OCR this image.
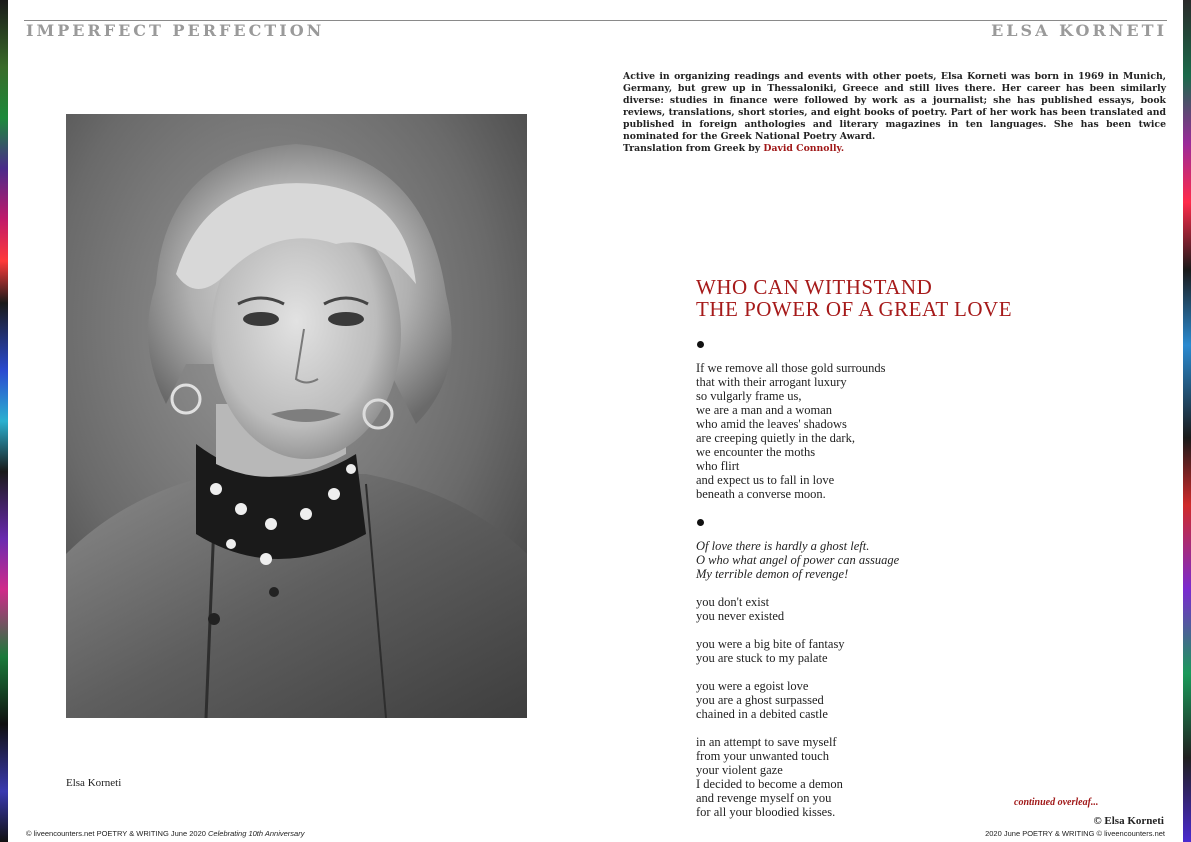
IMPERFECT PERFECTION	ELSA KORNETI
Elsa Korneti

Active in organizing readings and events with other poets, Elsa Korneti was born in 1969 in Munich, Germany, but grew up in Thessaloniki, Greece and still lives there. Her career has been similarly diverse: studies in finance were followed by work as a journalist; she has published essays, book reviews, translations, short stories, and eight books of poetry. Part of her work has been translated and published in foreign anthologies and literary magazines in ten languages. She has been twice nominated for the Greek National Poetry Award.

Translation from Greek by David Connolly.
WHO CAN WITHSTAND
THE POWER OF A GREAT LOVE
If we remove all those gold surrounds
that with their arrogant luxury
so vulgarly frame us,
we are a man and a woman
who amid the leaves' shadows
are creeping quietly in the dark,
we encounter the moths
who flirt
and expect us to fall in love
beneath a converse moon.
Of love there is hardly a ghost left.
O who what angel of power can assuage
My terrible demon of revenge!
you don't exist
you never existed
you were a big bite of fantasy
you are stuck to my palate
you were a egoist love
you are a ghost surpassed
chained in a debited castle
in an attempt to save myself
from your unwanted touch
your violent gaze
I decided to become a demon
and revenge myself on you
for all your bloodied kisses.
continued overleaf...
© Elsa Korneti
© liveencounters.net POETRY & WRITING June 2020 Celebrating 10th Anniversary	2020 June POETRY & WRITING © liveencounters.net
